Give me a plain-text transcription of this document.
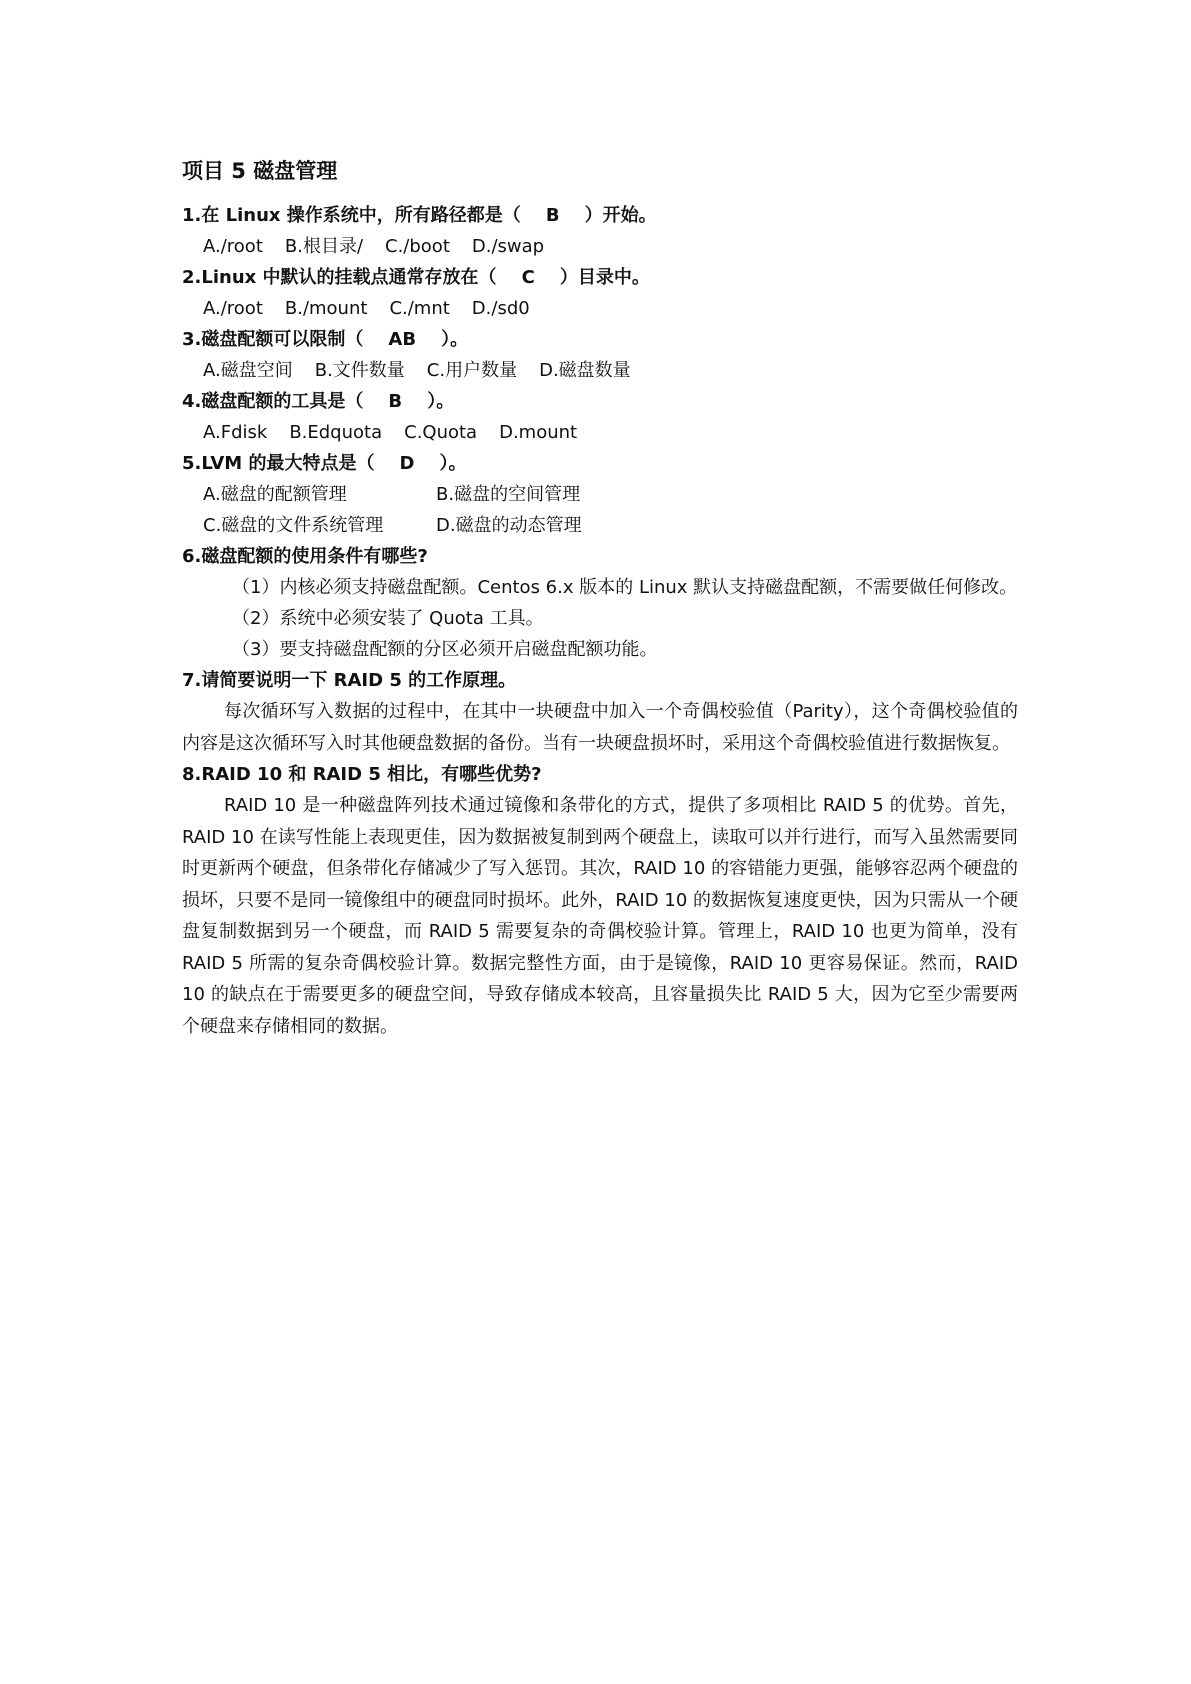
项目 5 磁盘管理
1.在 Linux 操作系统中，所有路径都是（    B    ）开始。
A./root B.根目录/ C./boot D./swap
2.Linux 中默认的挂载点通常存放在（    C    ）目录中。
A./root B./mount C./mnt D./sd0
3.磁盘配额可以限制（    AB    ）。
A.磁盘空间 B.文件数量 C.用户数量 D.磁盘数量
4.磁盘配额的工具是（    B    ）。
A.Fdisk B.Edquota C.Quota D.mount
5.LVM 的最大特点是（    D    ）。
A.磁盘的配额管理	B.磁盘的空间管理
C.磁盘的文件系统管理	D.磁盘的动态管理
6.磁盘配额的使用条件有哪些?

（1）内核必须支持磁盘配额。Centos 6.x 版本的 Linux 默认支持磁盘配额，不需要做任何修改。

（2）系统中必须安装了 Quota 工具。

（3）要支持磁盘配额的分区必须开启磁盘配额功能。

7.请简要说明一下 RAID 5 的工作原理。

每次循环写入数据的过程中，在其中一块硬盘中加入一个奇偶校验值（Parity），这个奇偶校验值的内容是这次循环写入时其他硬盘数据的备份。当有一块硬盘损坏时，采用这个奇偶校验值进行数据恢复。

8.RAID 10 和 RAID 5 相比，有哪些优势?

RAID 10 是一种磁盘阵列技术通过镜像和条带化的方式，提供了多项相比 RAID 5 的优势。首先，RAID 10 在读写性能上表现更佳，因为数据被复制到两个硬盘上，读取可以并行进行，而写入虽然需要同时更新两个硬盘，但条带化存储减少了写入惩罚。其次，RAID 10 的容错能力更强，能够容忍两个硬盘的损坏，只要不是同一镜像组中的硬盘同时损坏。此外，RAID 10 的数据恢复速度更快，因为只需从一个硬盘复制数据到另一个硬盘，而 RAID 5 需要复杂的奇偶校验计算。管理上，RAID 10 也更为简单，没有 RAID 5 所需的复杂奇偶校验计算。数据完整性方面，由于是镜像，RAID 10 更容易保证。然而，RAID 10 的缺点在于需要更多的硬盘空间，导致存储成本较高，且容量损失比 RAID 5 大，因为它至少需要两个硬盘来存储相同的数据。
